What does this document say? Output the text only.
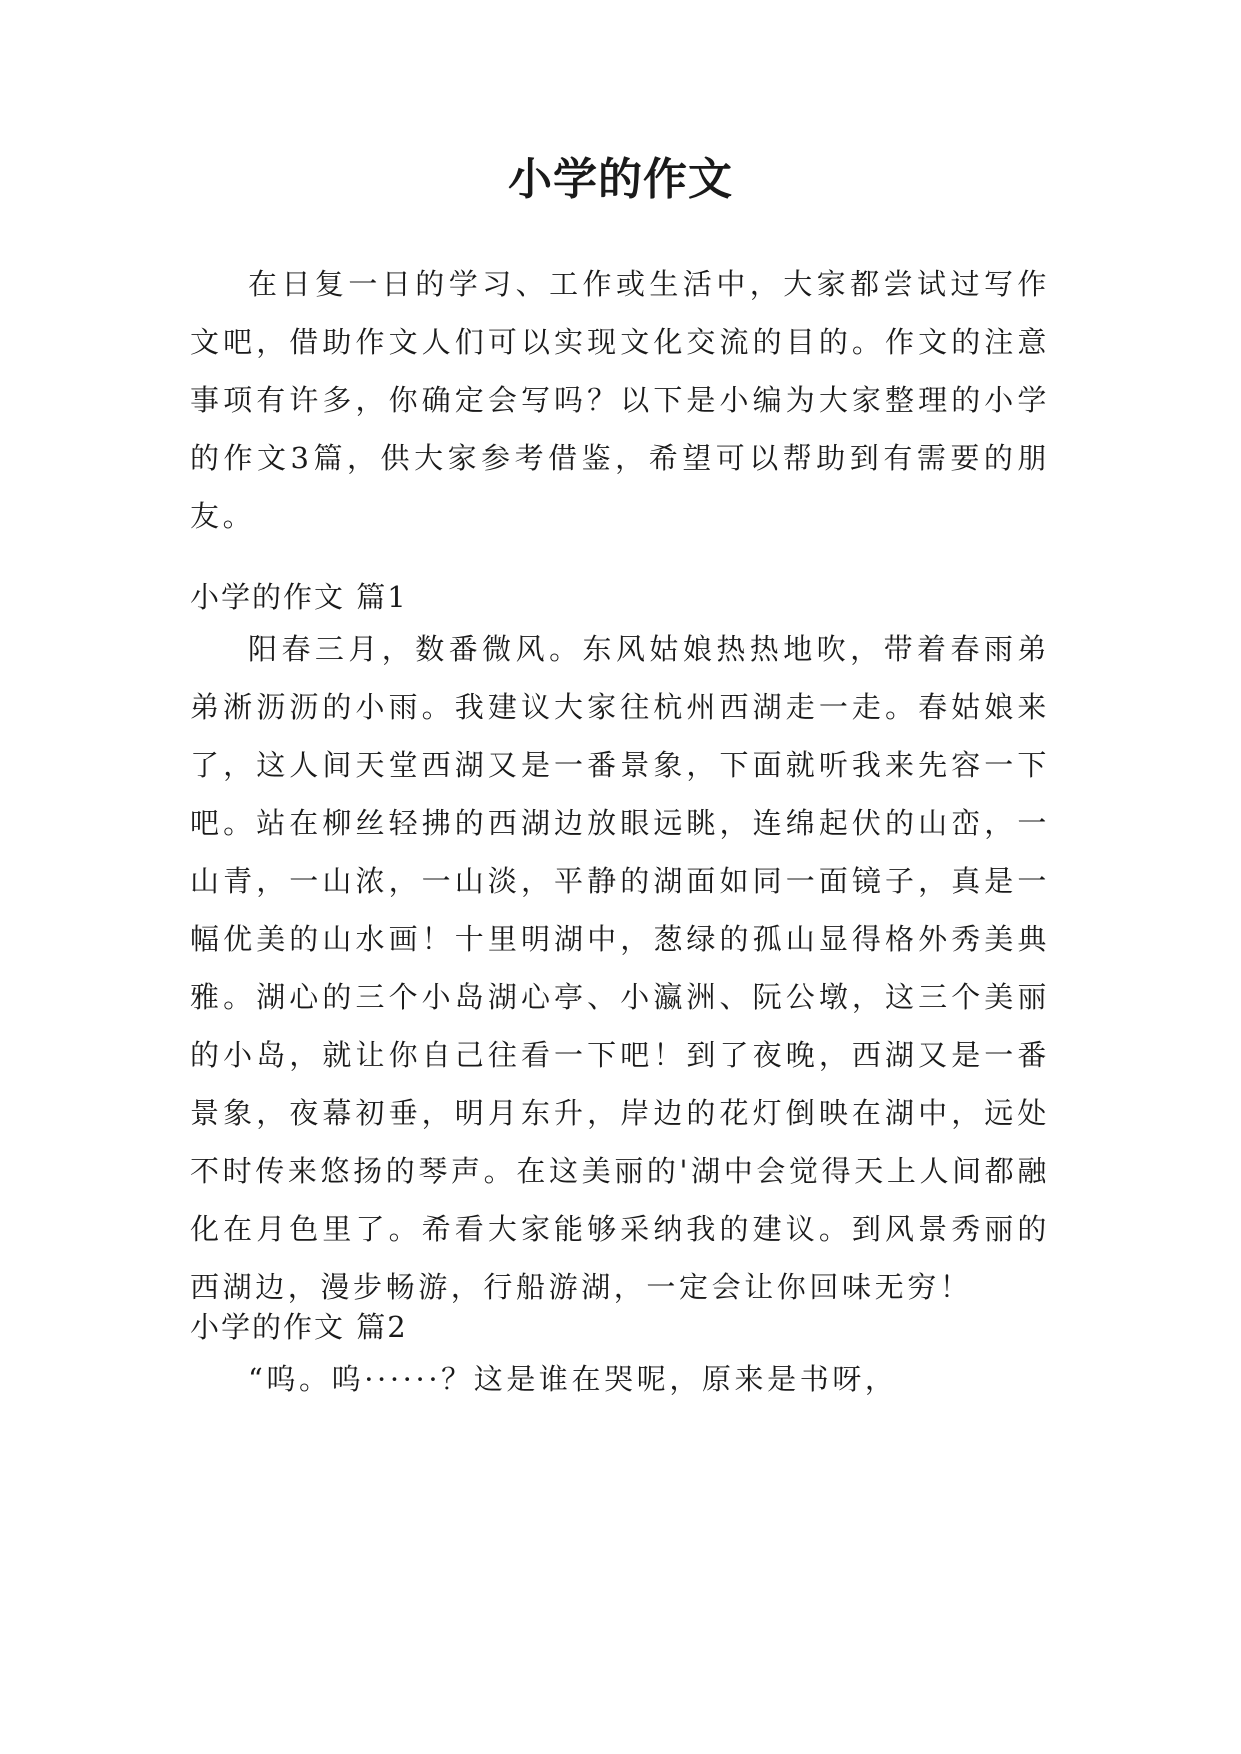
小学的作文

在日复一日的学习、工作或生活中，大家都尝试过写作文吧，借助作文人们可以实现文化交流的目的。作文的注意事项有许多，你确定会写吗？以下是小编为大家整理的小学的作文3篇，供大家参考借鉴，希望可以帮助到有需要的朋友。

小学的作文 篇1

阳春三月，数番微风。东风姑娘热热地吹，带着春雨弟弟淅沥沥的小雨。我建议大家往杭州西湖走一走。春姑娘来了，这人间天堂西湖又是一番景象，下面就听我来先容一下吧。站在柳丝轻拂的西湖边放眼远眺，连绵起伏的山峦，一山青，一山浓，一山淡，平静的湖面如同一面镜子，真是一幅优美的山水画！十里明湖中，葱绿的孤山显得格外秀美典雅。湖心的三个小岛湖心亭、小瀛洲、阮公墩，这三个美丽的小岛，就让你自己往看一下吧！到了夜晚，西湖又是一番景象，夜幕初垂，明月东升，岸边的花灯倒映在湖中，远处不时传来悠扬的琴声。在这美丽的'湖中会觉得天上人间都融化在月色里了。希看大家能够采纳我的建议。到风景秀丽的西湖边，漫步畅游，行船游湖，一定会让你回味无穷！

小学的作文 篇2

“呜。呜······？这是谁在哭呢，原来是书呀，
